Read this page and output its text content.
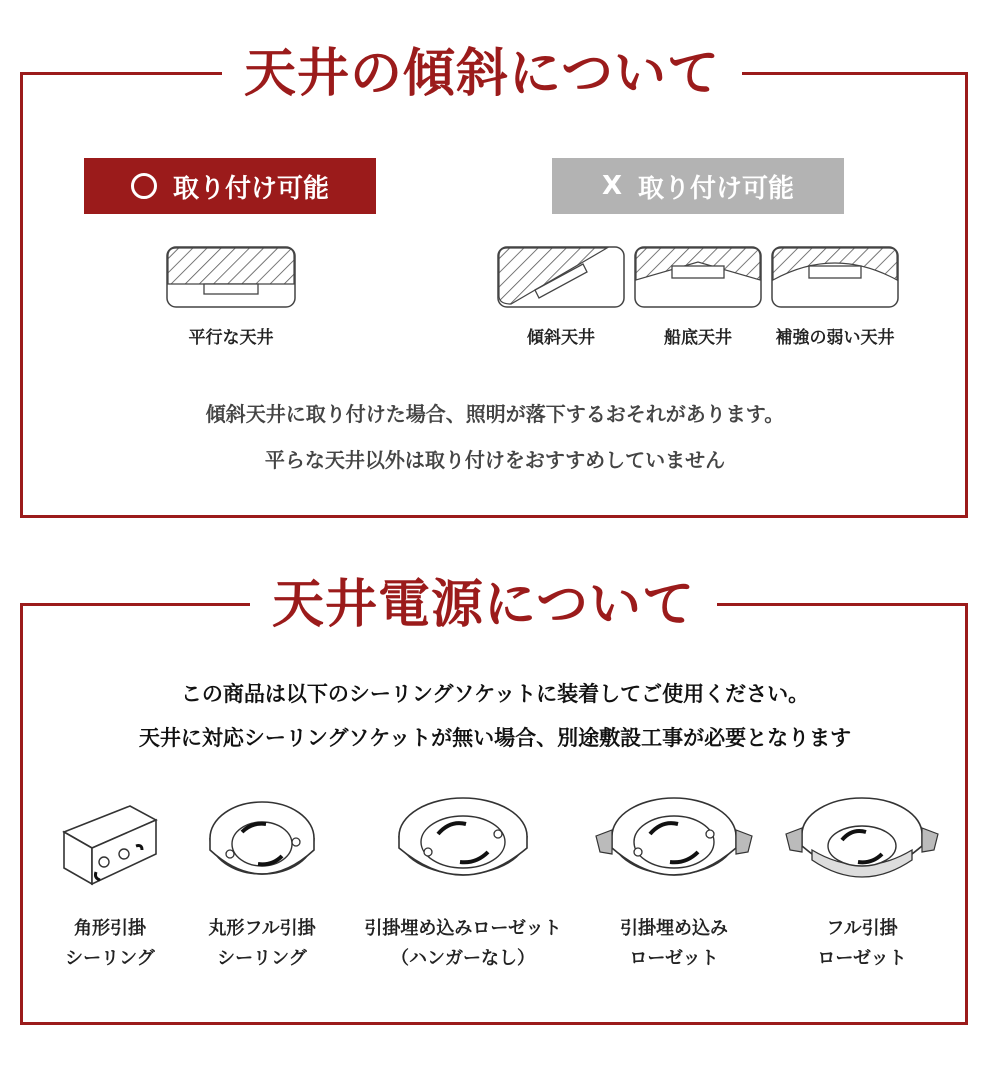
天井の傾斜について
取り付け可能	X 取り付け可能
平行な天井	傾斜天井	船底天井	補強の弱い天井
傾斜天井に取り付けた場合、照明が落下するおそれがあります。
平らな天井以外は取り付けをおすすめしていません
天井電源について
この商品は以下のシーリングソケットに装着してご使用ください。
天井に対応シーリングソケットが無い場合、別途敷設工事が必要となります
角形引掛
シーリング
丸形フル引掛
シーリング
引掛埋め込みローゼット
（ハンガーなし）
引掛埋め込み
ローゼット
フル引掛
ローゼット
